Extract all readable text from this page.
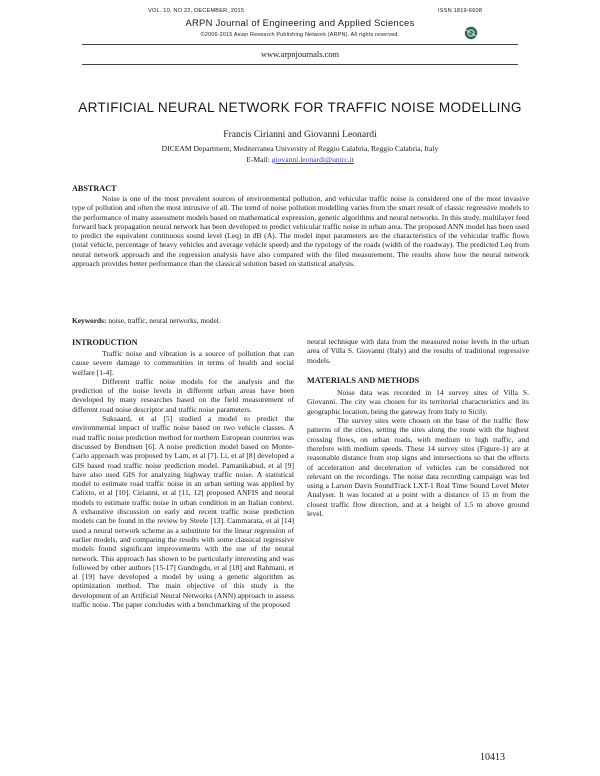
VOL. 10, NO 22, DECEMBER, 2015	ISSN 1819-6608
ARPN Journal of Engineering and Applied Sciences
©2006-2015 Asian Research Publishing Network (ARPN). All rights reserved.
www.arpnjournals.com
ARTIFICIAL NEURAL NETWORK FOR TRAFFIC NOISE MODELLING
Francis Cirianni and Giovanni Leonardi
DICEAM Department, Mediterranea University of Reggio Calabria, Reggio Calabria, Italy
E-Mail: giovanni.leonardi@unirc.it
ABSTRACT

Noise is one of the most prevalent sources of environmental pollution, and vehicular traffic noise is considered one of the most invasive type of pollution and often the most intrusive of all. The trend of noise pollution modelling varies from the smart result of classic regressive models to the performance of many assessment models based on mathematical expression, genetic algorithms and neural networks. In this study, multilayer feed forward back propagation neural network has been developed to predict vehicular traffic noise in urban area. The proposed ANN model has been used to predict the equivalent continuous sound level (Leq) in dB (A). The model input parameters are the characteristics of the vehicular traffic flows (total vehicle, percentage of heavy vehicles and average vehicle speed) and the typology of the roads (width of the roadway). The predicted Leq from neural network approach and the regression analysis have also compared with the filed measurement. The results show how the neural network approach provides better performance than the classical solution based on statistical analysis.

Keywords: noise, traffic, neural networks, model.
INTRODUCTION

Traffic noise and vibration is a source of pollution that can cause severe damage to communities in terms of health and social welfare [1-4].

Different traffic noise models for the analysis and the prediction of the noise levels in different urban areas have been developed by many researches based on the field measurement of different road noise descriptor and traffic noise parameters.

Suksaard, et al [5] studied a model to predict the environmental impact of traffic noise based on two vehicle classes. A road traffic noise prediction method for northern European countries was discussed by Bendtsen [6]. A noise prediction model based on Monte-Carlo approach was proposed by Lam, et al [7]. Li, et al [8] developed a GIS based road traffic noise prediction model. Pamanikabud, et al [9] have also used GIS for analyzing highway traffic noise. A statistical model to estimate road traffic noise in an urban setting was applied by Calixto, et al [10]. Cirianni, et al [11, 12] proposed ANFIS and neural models to estimate traffic noise in urban condition in an Italian context. A exhaustive discussion on early and recent traffic noise prediction models can be found in the review by Steele [13]. Cammarata, et al [14] used a neural network scheme as a substitute for the linear regression of earlier models, and comparing the results with some classical regressive models found significant improvements with the use of the neural network. This approach has shown to be particularly interesting and was followed by other authors [15-17] Gundogdu, et al [18] and Rahmani, et al [19] have developed a model by using a genetic algorithm as optimization method. The main objective of this study is the development of an Artificial Neural Networks (ANN) approach to assess traffic noise. The paper concludes with a benchmarking of the proposed

neural technique with data from the measured noise levels in the urban area of Villa S. Giovanni (Italy) and the results of traditional regressive models.

MATERIALS AND METHODS

Noise data was recorded in 14 survey sites of Villa S. Giovanni. The city was chosen for its territorial characteristics and its geographic location, being the gateway from Italy to Sicily.

The survey sites were chosen on the base of the traffic flow patterns of the cities, setting the sites along the route with the highest crossing flows, on urban roads, with medium to high traffic, and therefore with medium speeds. These 14 survey sites (Figure-1) are at reasonable distance from stop signs and intersections so that the effects of acceleration and deceleration of vehicles can be considered not relevant on the recordings. The noise data recording campaign was led using a Larson Davis SoundTrack LXT-1 Real Time Sound Level Meter Analyser. It was located at a point with a distance of 15 m from the closest traffic flow direction, and at a height of 1.5 m above ground level.

10413
